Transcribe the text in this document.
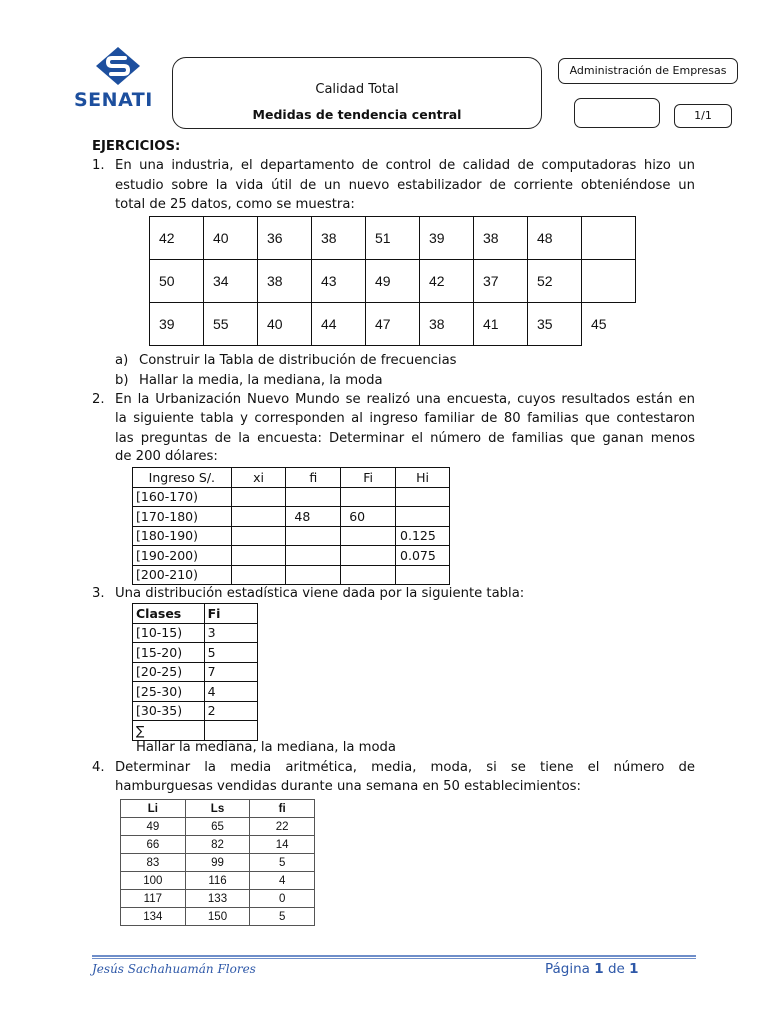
SENATI	Calidad Total
Medidas de tendencia central
Administración de Empresas
1/1
EJERCICIOS:
1. En una industria, el departamento de control de calidad de computadoras hizo un
estudio sobre la vida útil de un nuevo estabilizador de corriente obteniéndose un
total de 25 datos, como se muestra:
42	40	36	38	51	39	38	48	
50	34	38	43	49	42	37	52	
39	55	40	44	47	38	41	35	45
a) Construir la Tabla de distribución de frecuencias
b) Hallar la media, la mediana, la moda
2. En la Urbanización Nuevo Mundo se realizó una encuesta, cuyos resultados están en
la siguiente tabla y corresponden al ingreso familiar de 80 familias que contestaron
las preguntas de la encuesta: Determinar el número de familias que ganan menos
de 200 dólares:
Ingreso S/.	xi	fi	Fi	Hi
[160-170)				
[170-180)		48	60	
[180-190)				0.125
[190-200)				0.075
[200-210)				
3. Una distribución estadística viene dada por la siguiente tabla:
Clases	Fi
[10-15)	3
[15-20)	5
[20-25)	7
[25-30)	4
[30-35)	2
∑	
Hallar la mediana, la mediana, la moda
4. Determinar la media aritmética, media, moda, si se tiene el número de
hamburguesas vendidas durante una semana en 50 establecimientos:
Li	Ls	fi
49	65	22
66	82	14
83	99	5
100	116	4
117	133	0
134	150	5
Jesús Sachahuamán Flores	Página 1 de 1
